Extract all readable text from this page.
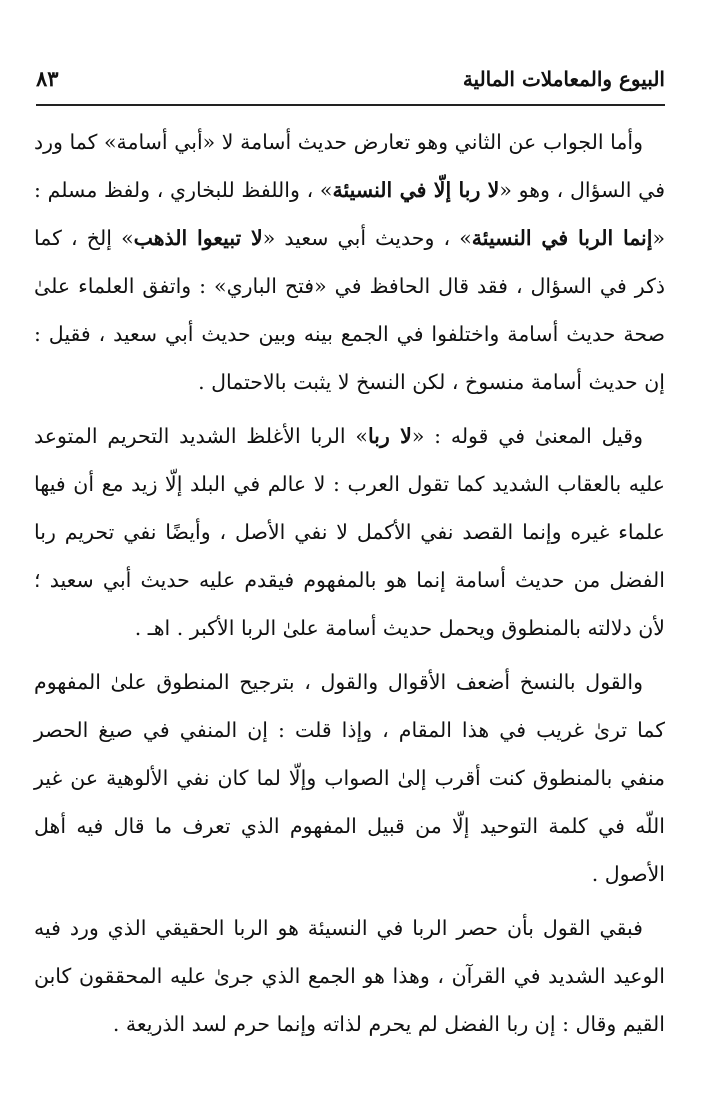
البيوع والمعاملات المالية
٨٣

وأما الجواب عن الثاني وهو تعارض حديث أسامة لا «أبي أسامة» كما ورد في السؤال ، وهو «لا ربا إلّا في النسيئة» ، واللفظ للبخاري ، ولفظ مسلم : «إنما الربا في النسيئة» ، وحديث أبي سعيد «لا تبيعوا الذهب» إلخ ، كما ذكر في السؤال ، فقد قال الحافظ في «فتح الباري» : واتفق العلماء علىٰ صحة حديث أسامة واختلفوا في الجمع بينه وبين حديث أبي سعيد ، فقيل : إن حديث أسامة منسوخ ، لكن النسخ لا يثبت بالاحتمال .

وقيل المعنىٰ في قوله : «لا ربا» الربا الأغلظ الشديد التحريم المتوعد عليه بالعقاب الشديد كما تقول العرب : لا عالم في البلد إلّا زيد مع أن فيها علماء غيره وإنما القصد نفي الأكمل لا نفي الأصل ، وأيضًا نفي تحريم ربا الفضل من حديث أسامة إنما هو بالمفهوم فيقدم عليه حديث أبي سعيد ؛ لأن دلالته بالمنطوق ويحمل حديث أسامة علىٰ الربا الأكبر . اهـ .

والقول بالنسخ أضعف الأقوال والقول ، بترجيح المنطوق علىٰ المفهوم كما ترىٰ غريب في هذا المقام ، وإذا قلت : إن المنفي في صيغ الحصر منفي بالمنطوق كنت أقرب إلىٰ الصواب وإلّا لما كان نفي الألوهية عن غير اللّه في كلمة التوحيد إلّا من قبيل المفهوم الذي تعرف ما قال فيه أهل الأصول .

فبقي القول بأن حصر الربا في النسيئة هو الربا الحقيقي الذي ورد فيه الوعيد الشديد في القرآن ، وهذا هو الجمع الذي جرىٰ عليه المحققون كابن القيم وقال : إن ربا الفضل لم يحرم لذاته وإنما حرم لسد الذريعة .
